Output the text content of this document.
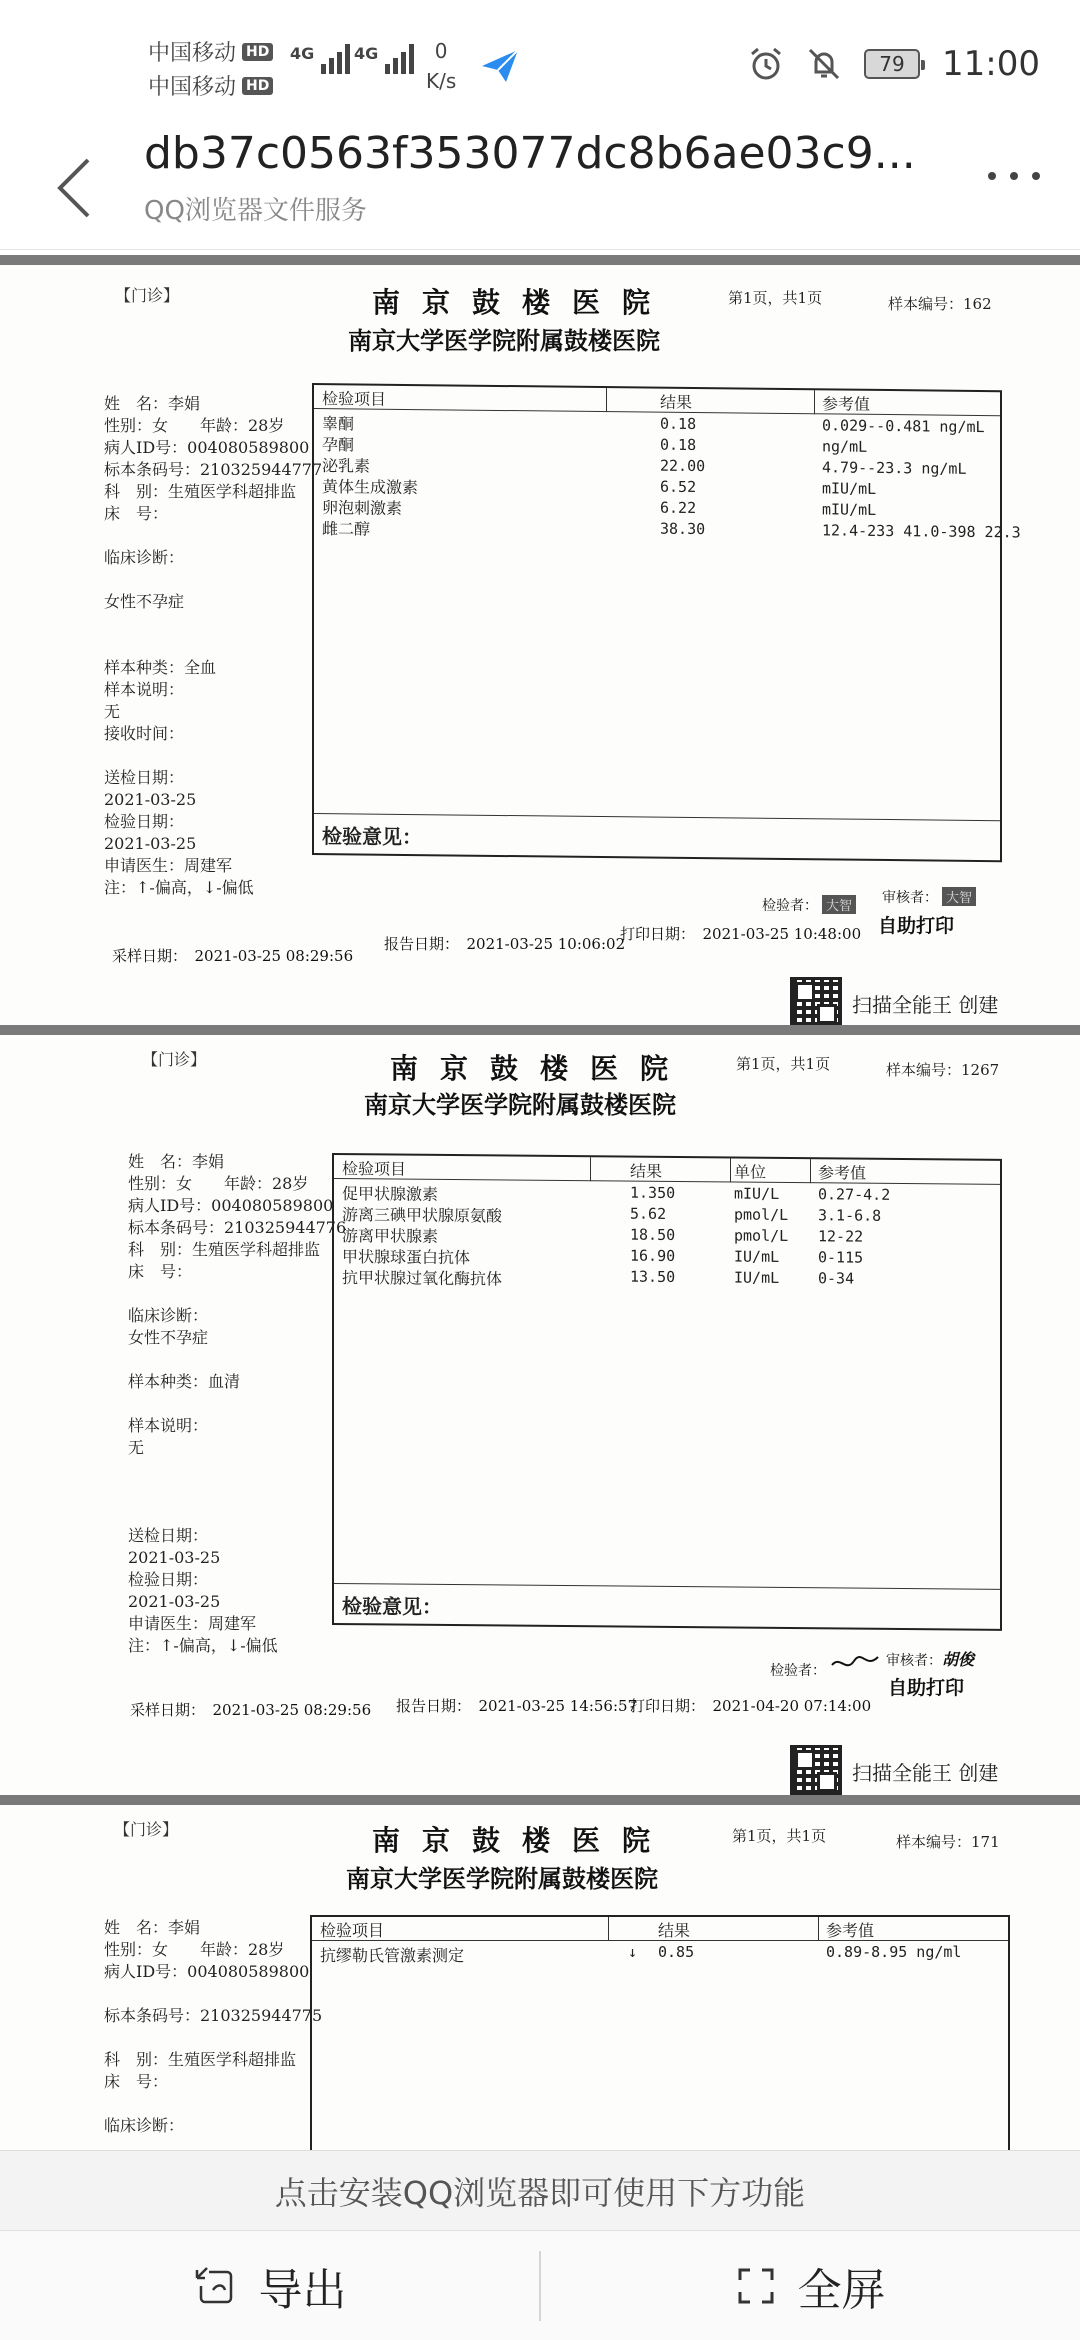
中国移动 HD
中国移动 HD
4G 4G	0
K/s
79 11:00
db37c0563f353077dc8b6ae03c9...
QQ浏览器文件服务
【门诊】	南京鼓楼医院	第1页，共1页	样本编号：162
南京大学医学院附属鼓楼医院
姓　名：李娟
性别：女　　年龄：28岁
病人ID号：004080589800
标本条码号：210325944777
科　别：生殖医学科超排监
床　号：
临床诊断：
女性不孕症
样本种类：全血
样本说明：
无
接收时间：
送检日期：
2021-03-25
检验日期：
2021-03-25
申请医生：周建军
注：↑-偏高，↓-偏低
检验项目	结果	参考值
睾酮	0.18	0.029--0.481 ng/mL
孕酮	0.18	ng/mL
泌乳素	22.00	4.79--23.3 ng/mL
黄体生成激素	6.52	mIU/mL
卵泡刺激素	6.22	mIU/mL
雌二醇	38.30	12.4-233 41.0-398 22.3
检验意见：
检验者： 大智
审核者： 大智
自助打印
采样日期：　2021-03-25 08:29:56
报告日期：　2021-03-25 10:06:02
打印日期：　2021-03-25 10:48:00
扫描全能王 创建
【门诊】	南京鼓楼医院	第1页，共1页	样本编号：1267
南京大学医学院附属鼓楼医院
姓　名：李娟
性别：女　　年龄：28岁
病人ID号：004080589800
标本条码号：210325944776
科　别：生殖医学科超排监
床　号：
临床诊断：
女性不孕症
样本种类：血清
样本说明：
无
送检日期：
2021-03-25
检验日期：
2021-03-25
申请医生：周建军
注：↑-偏高，↓-偏低
检验项目	结果	单位	参考值
促甲状腺激素	1.350	mIU/L	0.27-4.2
游离三碘甲状腺原氨酸	5.62	pmol/L 3.1-6.8
游离甲状腺素	18.50	pmol/L 12-22
甲状腺球蛋白抗体	16.90	IU/mL	0-115
抗甲状腺过氧化酶抗体	13.50	IU/mL	0-34
检验意见：
检验者：
审核者：胡俊
自助打印
采样日期：　2021-03-25 08:29:56 报告日期：　2021-03-25 14:56:57
打印日期：　2021-04-20 07:14:00
扫描全能王 创建
【门诊】	南京鼓楼医院	第1页，共1页	样本编号：171
南京大学医学院附属鼓楼医院
姓　名：李娟
性别：女　　年龄：28岁
病人ID号：004080589800
标本条码号：210325944775
科　别：生殖医学科超排监
床　号：
临床诊断：
检验项目	结果	参考值
抗缪勒氏管激素测定	↓ 0.85	0.89-8.95 ng/ml
点击安装QQ浏览器即可使用下方功能
导出	全屏
